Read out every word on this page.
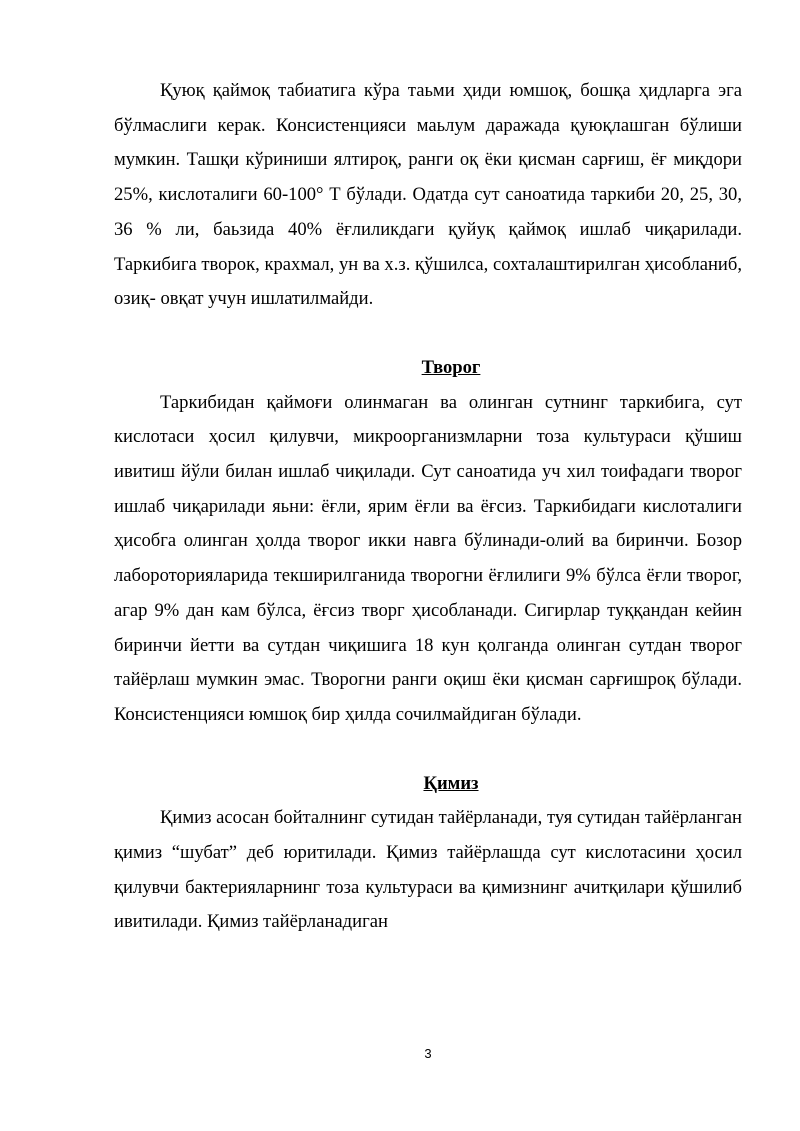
Қуюқ қаймоқ табиатига кўра таьми ҳиди юмшоқ, бошқа ҳидларга эга бўлмаслиги керак. Консистенцияси маьлум даражада қуюқлашган бўлиши мумкин. Ташқи кўриниши ялтироқ, ранги оқ ёки қисман сарғиш, ёғ миқдори 25%, кислоталиги 60-100° Т бўлади. Одатда сут саноатида таркиби 20, 25, 30, 36 % ли, баьзида 40% ёғлиликдаги қуйуқ қаймоқ ишлаб чиқарилади. Таркибига творок, крахмал, ун ва х.з. қўшилса, сохталаштирилган ҳисобланиб, озиқ- овқат учун ишлатилмайди.

Творог

Таркибидан қаймоғи олинмаган ва олинган сутнинг таркибига, сут кислотаси ҳосил қилувчи, микроорганизмларни тоза культураси қўшиш ивитиш йўли билан ишлаб чиқилади. Сут саноатида уч хил тоифадаги творог ишлаб чиқарилади яьни: ёғли, ярим ёғли ва ёғсиз. Таркибидаги кислоталиги ҳисобга олинган ҳолда творог икки навга бўлинади-олий ва биринчи. Бозор лабороторияларида текширилганида творогни ёғлилиги 9% бўлса ёғли творог, агар 9% дан кам бўлса, ёғсиз творг ҳисобланади. Сигирлар туққандан кейин биринчи йетти ва сутдан чиқишига 18 кун қолганда олинган сутдан творог тайёрлаш мумкин эмас. Творогни ранги оқиш ёки қисман сарғишроқ бўлади. Консистенцияси юмшоқ бир ҳилда сочилмайдиган бўлади.

Қимиз

Қимиз асосан бойталнинг сутидан тайёрланади, туя сутидан тайёрланган қимиз “шубат” деб юритилади. Қимиз тайёрлашда сут кислотасини ҳосил қилувчи бактерияларнинг тоза культураси ва қимизнинг ачитқилари қўшилиб ивитилади. Қимиз тайёрланадиган

3
